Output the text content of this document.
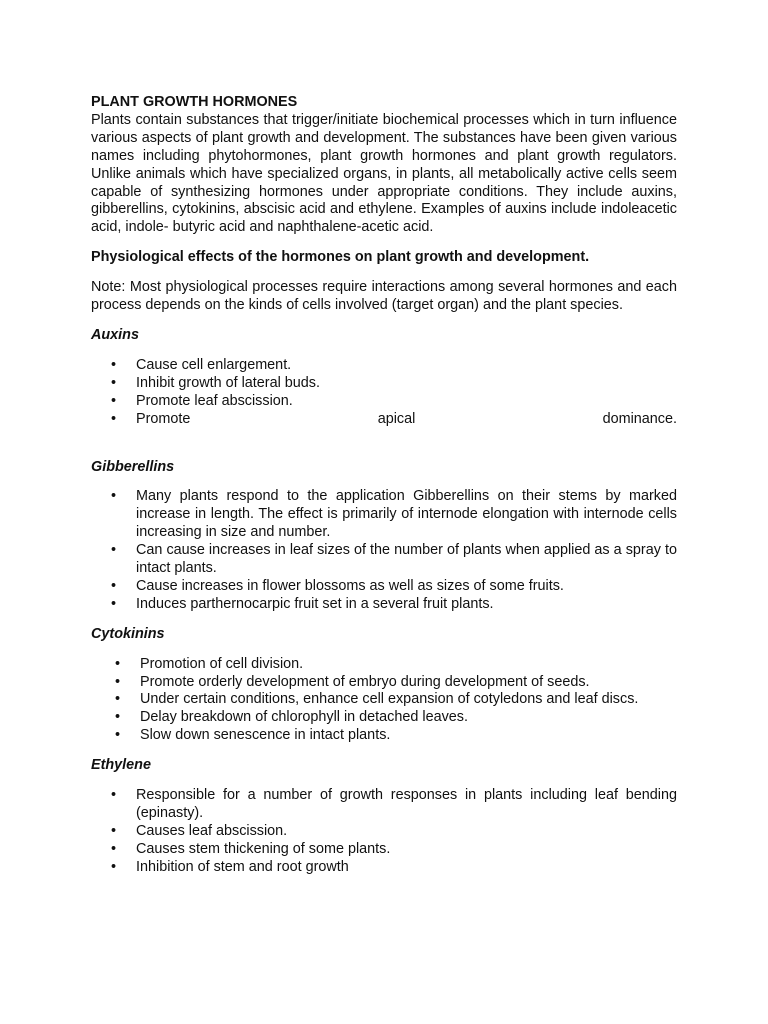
PLANT GROWTH HORMONES

Plants contain substances that trigger/initiate biochemical processes which in turn influence various aspects of plant growth and development. The substances have been given various names including phytohormones, plant growth hormones and plant growth regulators. Unlike animals which have specialized organs, in plants, all metabolically active cells seem capable of synthesizing hormones under appropriate conditions. They include auxins, gibberellins, cytokinins, abscisic acid and ethylene. Examples of auxins include indoleacetic acid, indole- butyric acid and naphthalene-acetic acid.

Physiological effects of the hormones on plant growth and development.

Note: Most physiological processes require interactions among several hormones and each process depends on the kinds of cells involved (target organ) and the plant species.

Auxins

• Cause cell enlargement.
• Inhibit growth of lateral buds.
• Promote leaf abscission.
• Promote	apical	dominance.

Gibberellins

• Many plants respond to the application Gibberellins on their stems by marked increase in length. The effect is primarily of internode elongation with internode cells increasing in size and number.
• Can cause increases in leaf sizes of the number of plants when applied as a spray to intact plants.
• Cause increases in flower blossoms as well as sizes of some fruits.
• Induces parthernocarpic fruit set in a several fruit plants.

Cytokinins

• Promotion of cell division.
• Promote orderly development of embryo during development of seeds.
• Under certain conditions, enhance cell expansion of cotyledons and leaf discs.
• Delay breakdown of chlorophyll in detached leaves.
• Slow down senescence in intact plants.

Ethylene

• Responsible for a number of growth responses in plants including leaf bending (epinasty).
• Causes leaf abscission.
• Causes stem thickening of some plants.
• Inhibition of stem and root growth
